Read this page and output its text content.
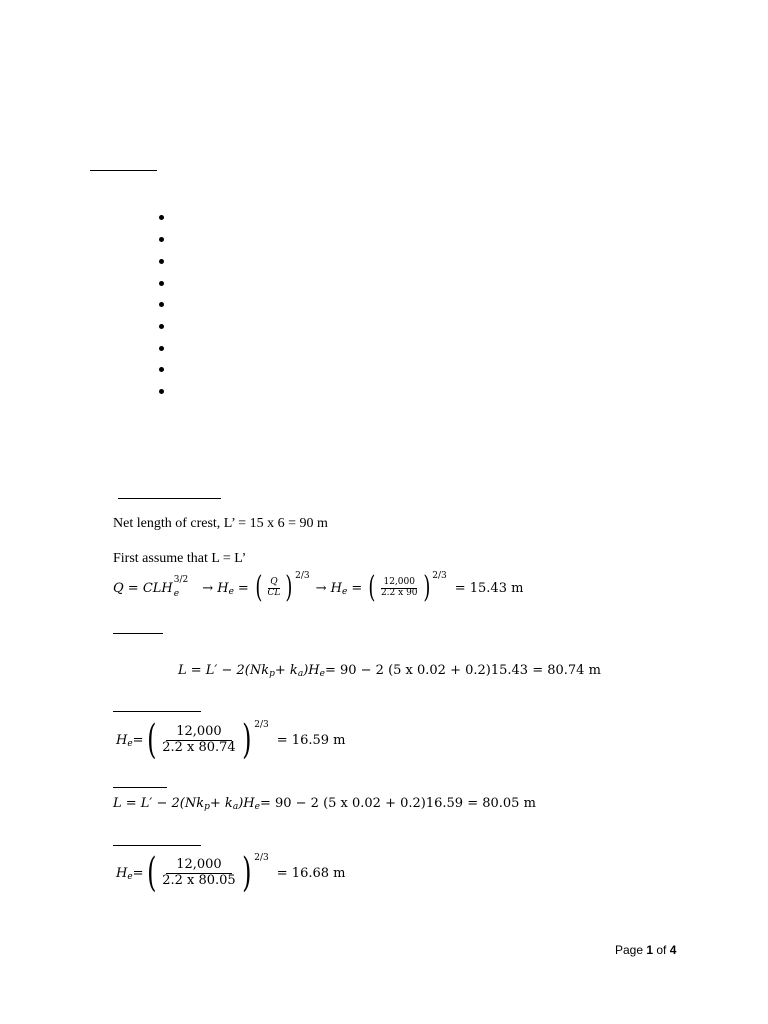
Net length of crest, L’ = 15 x 6 = 90 m
First assume that L = L’
Q = CLH
3/2
e	→ H e = ( $\frac{Q}{CL}$ ) 2/3
→ H e = ( $\frac{12,000}{2.2 x 90}$ ) 2/3
= 15.43 m
L = L′ − 2(Nk p + k a )H e = 90 − 2 (5 x 0.02 + 0.2)15.43 = 80.74 m
H e = ( $\frac{12,000}{2.2 x 80.74}$ ) 2/3
= 16.59 m
L = L′ − 2(Nk p + k a )H e = 90 − 2 (5 x 0.02 + 0.2)16.59 = 80.05 m
H e = ( $\frac{12,000}{2.2 x 80.05}$ ) 2/3
= 16.68 m
Page 1 of 4
